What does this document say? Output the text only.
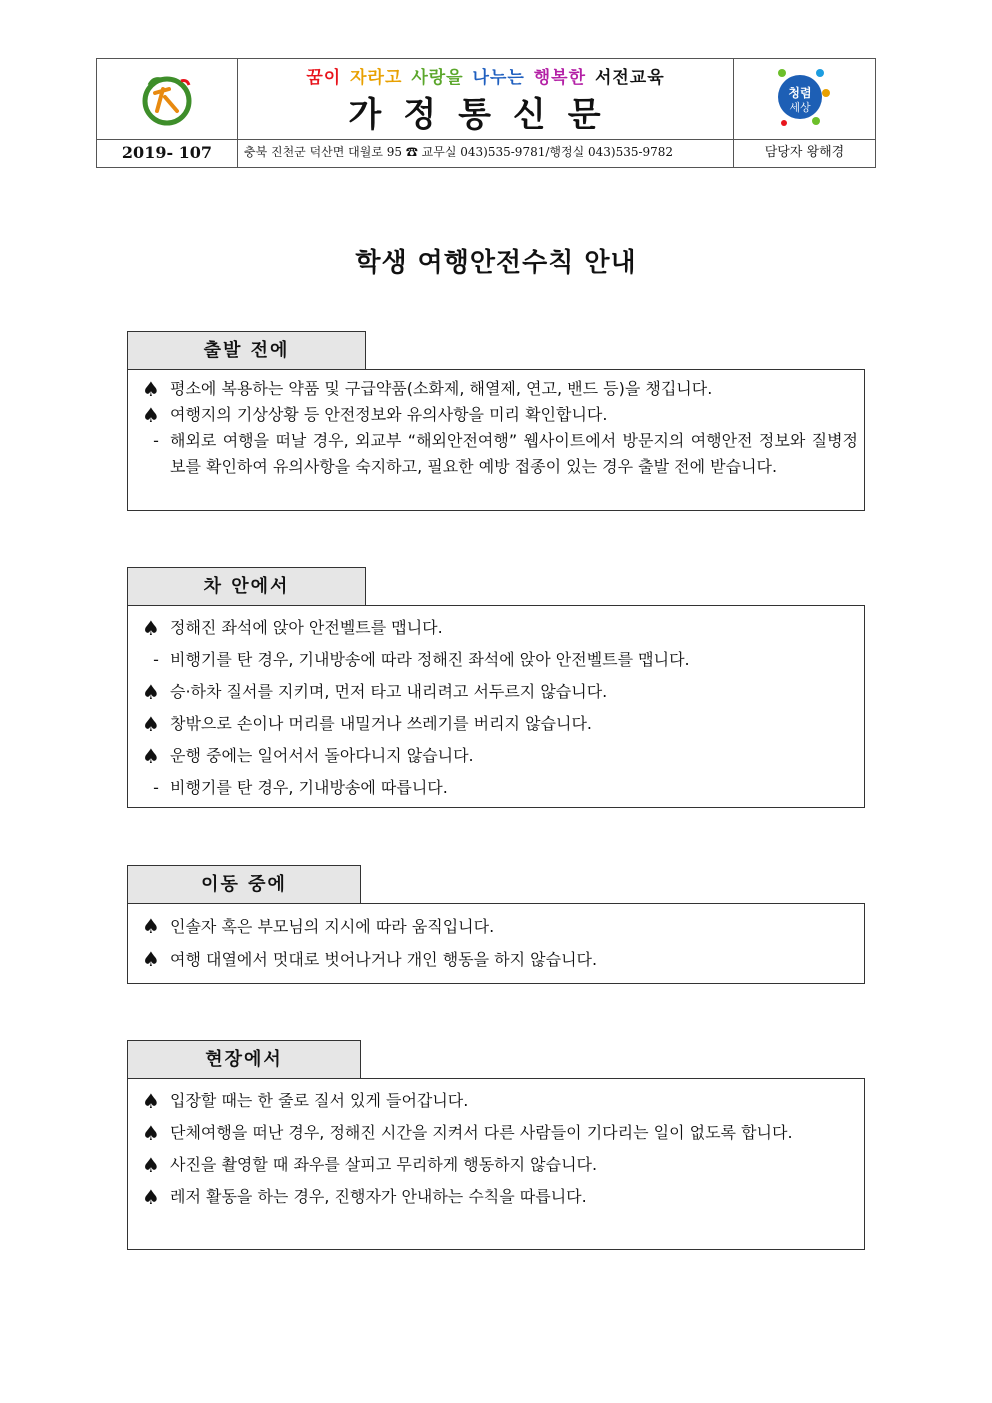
꿈이 자라고 사랑을 나누는 행복한 서전교육
가정통신문
청렴
세상
2019- 107	충북 진천군 덕산면 대월로 95 ☎ 교무실 043)535-9781/행정실 043)535-9782	담당자 왕해경
학생 여행안전수칙 안내
출발 전에
♠ 평소에 복용하는 약품 및 구급약품(소화제, 해열제, 연고, 밴드 등)을 챙깁니다.
♠ 여행지의 기상상황 등 안전정보와 유의사항을 미리 확인합니다.
- 해외로 여행을 떠날 경우, 외교부 “해외안전여행” 웹사이트에서 방문지의 여행안전 정보와 질병정보를 확인하여 유의사항을 숙지하고, 필요한 예방 접종이 있는 경우 출발 전에 받습니다.
차 안에서
♠ 정해진 좌석에 앉아 안전벨트를 맵니다.
- 비행기를 탄 경우, 기내방송에 따라 정해진 좌석에 앉아 안전벨트를 맵니다.
♠ 승·하차 질서를 지키며, 먼저 타고 내리려고 서두르지 않습니다.
♠ 창밖으로 손이나 머리를 내밀거나 쓰레기를 버리지 않습니다.
♠ 운행 중에는 일어서서 돌아다니지 않습니다.
- 비행기를 탄 경우, 기내방송에 따릅니다.
이동 중에
♠ 인솔자 혹은 부모님의 지시에 따라 움직입니다.
♠ 여행 대열에서 멋대로 벗어나거나 개인 행동을 하지 않습니다.
현장에서
♠ 입장할 때는 한 줄로 질서 있게 들어갑니다.
♠ 단체여행을 떠난 경우, 정해진 시간을 지켜서 다른 사람들이 기다리는 일이 없도록 합니다.
♠ 사진을 촬영할 때 좌우를 살피고 무리하게 행동하지 않습니다.
♠ 레저 활동을 하는 경우, 진행자가 안내하는 수칙을 따릅니다.
